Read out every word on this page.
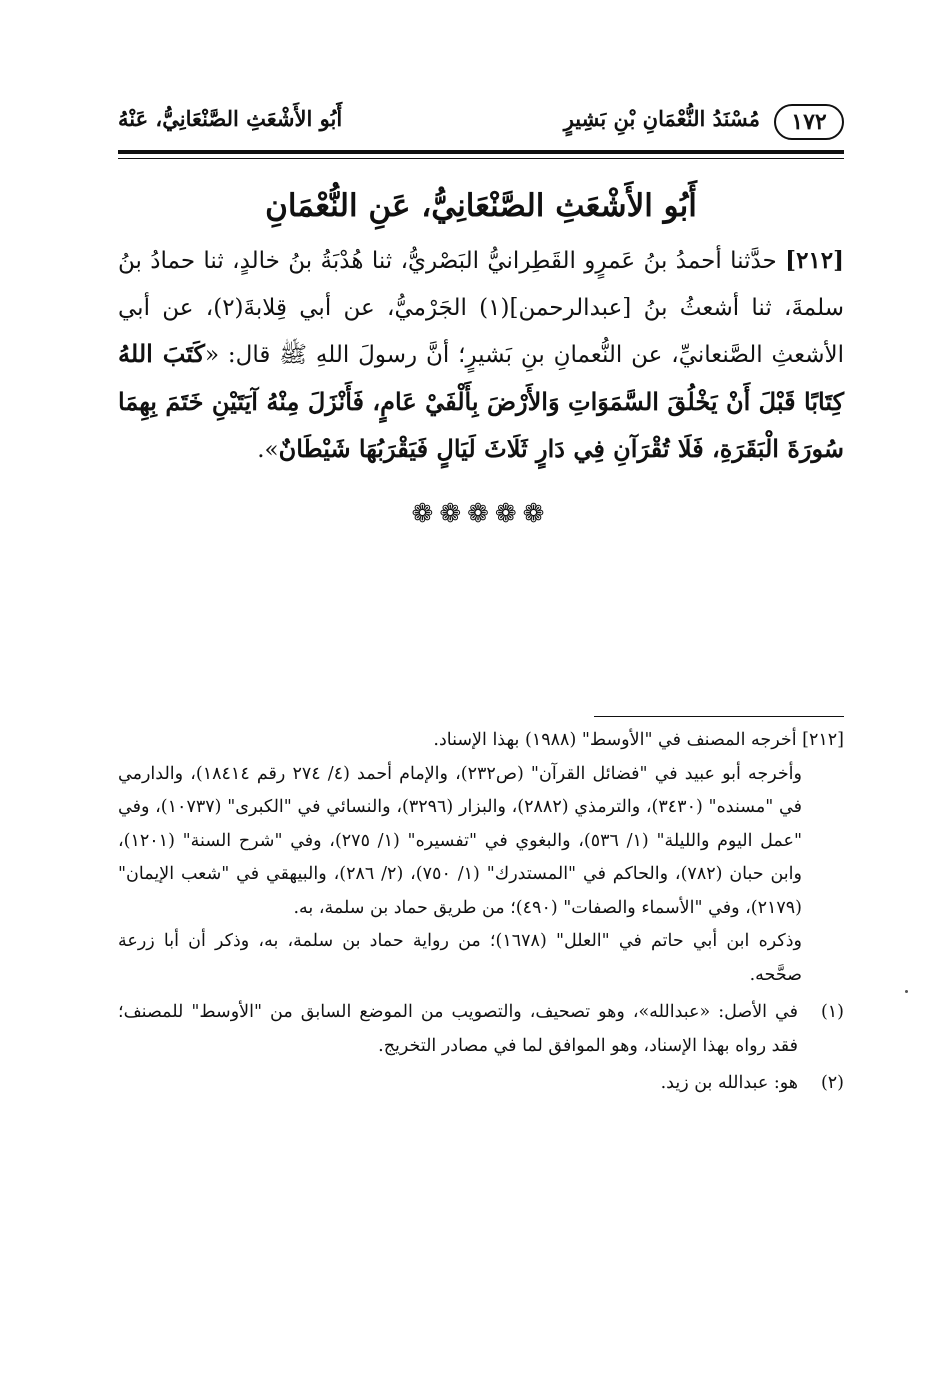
١٧٢
مُسْنَدُ النُّعْمَانِ بْنِ بَشِيرٍ
أَبُو الأَشْعَثِ الصَّنْعَانِيُّ، عَنْهُ
أَبُو الأَشْعَثِ الصَّنْعَانِيُّ، عَنِ النُّعْمَانِ

[٢١٢] حدَّثنا أحمدُ بنُ عَمرٍو القَطِرانيُّ البَصْريُّ، ثنا هُدْبَةُ بنُ خالدٍ، ثنا حمادُ بنُ سلمةَ، ثنا أشعثُ بنُ [عبدالرحمن](١) الجَرْميُّ، عن أبي قِلابةَ(٢)، عن أبي الأشعثِ الصَّنعانيِّ، عن النُّعمانِ بنِ بَشيرٍ؛ أنَّ رسولَ اللهِ ﷺ قال: «كَتَبَ اللهُ كِتَابًا قَبْلَ أَنْ يَخْلُقَ السَّمَوَاتِ وَالأَرْضَ بِأَلْفَيْ عَامٍ، فَأَنْزَلَ مِنْهُ آيَتَيْنِ خَتَمَ بِهِمَا سُورَةَ الْبَقَرَةِ، فَلَا تُقْرَآنِ فِي دَارٍ ثَلَاثَ لَيَالٍ فَيَقْرَبُهَا شَيْطَانٌ».

❁❁❁❁❁

[٢١٢] أخرجه المصنف في "الأوسط" (١٩٨٨) بهذا الإسناد.

وأخرجه أبو عبيد في "فضائل القرآن" (ص٢٣٢)، والإمام أحمد (٤/ ٢٧٤ رقم ١٨٤١٤)، والدارمي في "مسنده" (٣٤٣٠)، والترمذي (٢٨٨٢)، والبزار (٣٢٩٦)، والنسائي في "الكبرى" (١٠٧٣٧)، وفي "عمل اليوم والليلة" (١/ ٥٣٦)، والبغوي في "تفسيره" (١/ ٢٧٥)، وفي "شرح السنة" (١٢٠١)، وابن حبان (٧٨٢)، والحاكم في "المستدرك" (١/ ٧٥٠)، (٢/ ٢٨٦)، والبيهقي في "شعب الإيمان" (٢١٧٩)، وفي "الأسماء والصفات" (٤٩٠)؛ من طريق حماد بن سلمة، به.

وذكره ابن أبي حاتم في "العلل" (١٦٧٨)؛ من رواية حماد بن سلمة، به، وذكر أن أبا زرعة صحَّحه.

(١)
في الأصل: «عبدالله»، وهو تصحيف، والتصويب من الموضع السابق من "الأوسط" للمصنف؛ فقد رواه بهذا الإسناد، وهو الموافق لما في مصادر التخريج.
(٢)
هو: عبدالله بن زيد.
